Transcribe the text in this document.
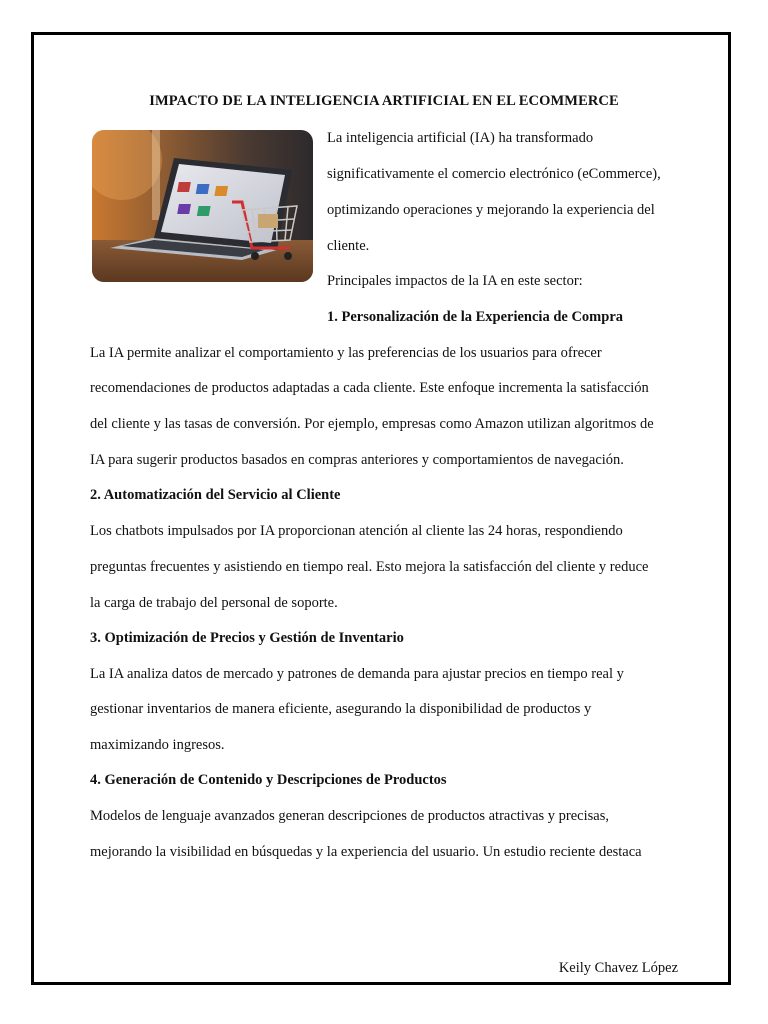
IMPACTO DE LA INTELIGENCIA ARTIFICIAL EN EL ECOMMERCE
La inteligencia artificial (IA) ha transformado
significativamente el comercio electrónico (eCommerce),
optimizando operaciones y mejorando la experiencia del
cliente.
Principales impactos de la IA en este sector:
1. Personalización de la Experiencia de Compra
La IA permite analizar el comportamiento y las preferencias de los usuarios para ofrecer
recomendaciones de productos adaptadas a cada cliente. Este enfoque incrementa la satisfacción
del cliente y las tasas de conversión. Por ejemplo, empresas como Amazon utilizan algoritmos de
IA para sugerir productos basados en compras anteriores y comportamientos de navegación.
2. Automatización del Servicio al Cliente
Los chatbots impulsados por IA proporcionan atención al cliente las 24 horas, respondiendo
preguntas frecuentes y asistiendo en tiempo real. Esto mejora la satisfacción del cliente y reduce
la carga de trabajo del personal de soporte.
3. Optimización de Precios y Gestión de Inventario
La IA analiza datos de mercado y patrones de demanda para ajustar precios en tiempo real y
gestionar inventarios de manera eficiente, asegurando la disponibilidad de productos y
maximizando ingresos.
4. Generación de Contenido y Descripciones de Productos
Modelos de lenguaje avanzados generan descripciones de productos atractivas y precisas,
mejorando la visibilidad en búsquedas y la experiencia del usuario. Un estudio reciente destaca
Keily Chavez López
